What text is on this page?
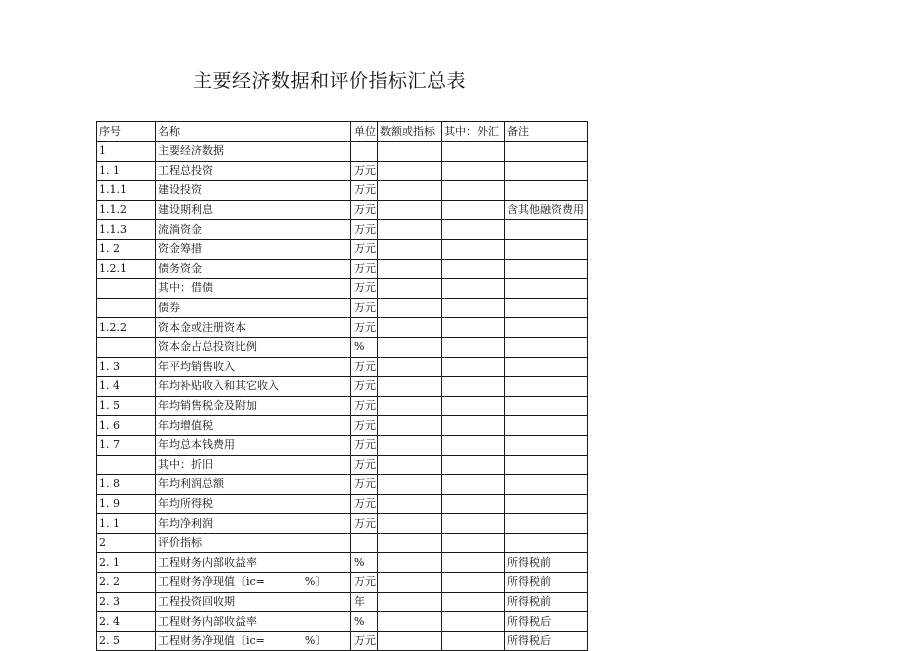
主要经济数据和评价指标汇总表
序号	名称	单位	数额或指标	其中：外汇	备注
1	主要经济数据				
1. 1	工程总投资	万元			
1.1.1	建设投资	万元			
1.1.2	建设期利息	万元			含其他融资费用
1.1.3	流淌资金	万元			
1. 2	资金筹措	万元			
1.2.1	债务资金	万元			
	其中：借债	万元			
	债券	万元			
1.2.2	资本金或注册资本	万元			
	资本金占总投资比例	%			
1. 3	年平均销售收入	万元			
1. 4	年均补贴收入和其它收入	万元			
1. 5	年均销售税金及附加	万元			
1. 6	年均增值税	万元			
1. 7	年均总本钱费用	万元			
	其中：折旧	万元			
1. 8	年均利润总额	万元			
1. 9	年均所得税	万元			
1. 1	年均净利润	万元			
2	评价指标				
2. 1	工程财务内部收益率	%			所得税前
2. 2	工程财务净现值〔ic= %〕	万元			所得税前
2. 3	工程投资回收期	年			所得税前
2. 4	工程财务内部收益率	%			所得税后
2. 5	工程财务净现值〔ic= %〕	万元			所得税后
